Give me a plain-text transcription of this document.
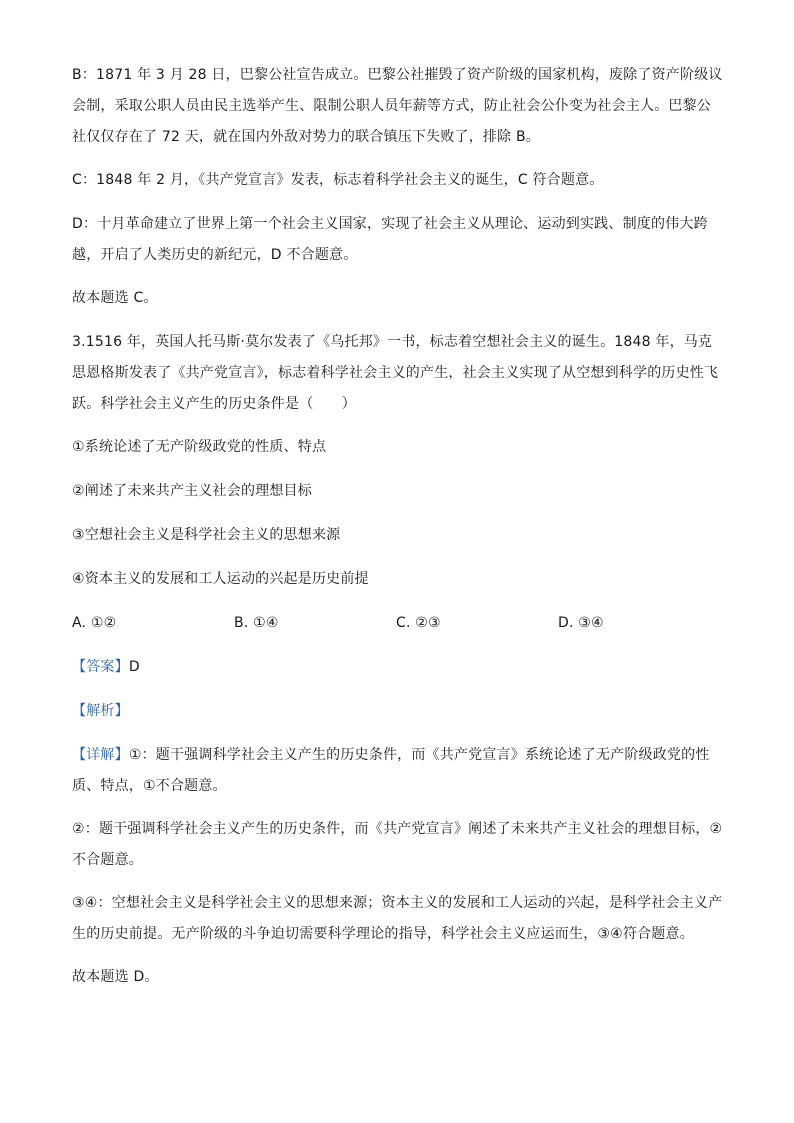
B：1871 年 3 月 28 日，巴黎公社宣告成立。巴黎公社摧毁了资产阶级的国家机构，废除了资产阶级议会制，采取公职人员由民主选举产生、限制公职人员年薪等方式，防止社会公仆变为社会主人。巴黎公社仅仅存在了 72 天，就在国内外敌对势力的联合镇压下失败了，排除 B。

C：1848 年 2 月，《共产党宣言》发表，标志着科学社会主义的诞生，C 符合题意。

D：十月革命建立了世界上第一个社会主义国家，实现了社会主义从理论、运动到实践、制度的伟大跨越，开启了人类历史的新纪元，D 不合题意。

故本题选 C。

3.1516 年，英国人托马斯·莫尔发表了《乌托邦》一书，标志着空想社会主义的诞生。1848 年，马克思恩格斯发表了《共产党宣言》，标志着科学社会主义的产生，社会主义实现了从空想到科学的历史性飞跃。科学社会主义产生的历史条件是（　　）

①系统论述了无产阶级政党的性质、特点

②阐述了未来共产主义社会的理想目标

③空想社会主义是科学社会主义的思想来源

④资本主义的发展和工人运动的兴起是历史前提

A. ①②	B. ①④	C. ②③	D. ③④

【答案】D

【解析】

【详解】①：题干强调科学社会主义产生的历史条件，而《共产党宣言》系统论述了无产阶级政党的性质、特点，①不合题意。

②：题干强调科学社会主义产生的历史条件，而《共产党宣言》阐述了未来共产主义社会的理想目标，②不合题意。

③④：空想社会主义是科学社会主义的思想来源；资本主义的发展和工人运动的兴起，是科学社会主义产生的历史前提。无产阶级的斗争迫切需要科学理论的指导，科学社会主义应运而生，③④符合题意。

故本题选 D。
